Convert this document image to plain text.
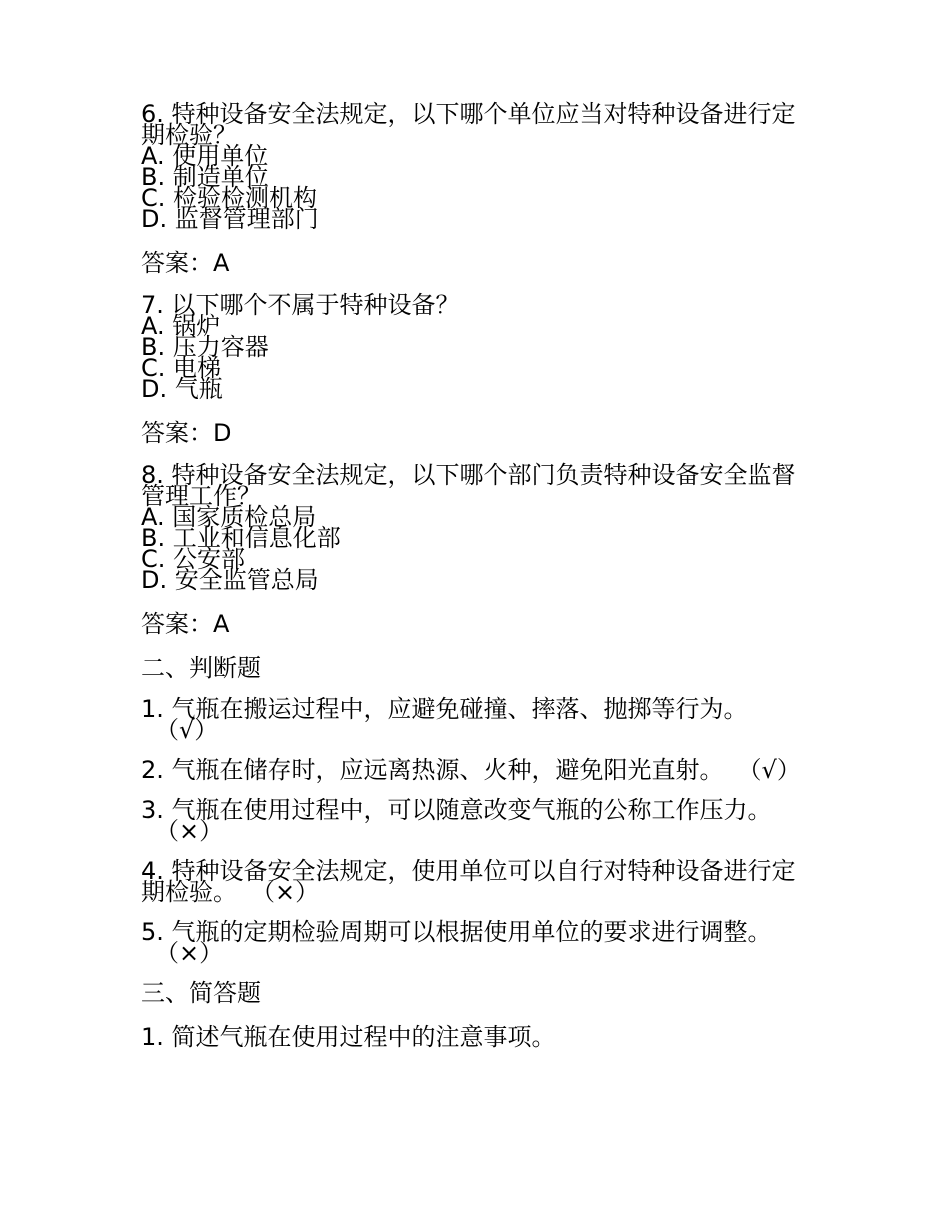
6. 特种设备安全法规定，以下哪个单位应当对特种设备进行定期检验？

A. 使用单位

B. 制造单位

C. 检验检测机构

D. 监督管理部门

答案：A

7. 以下哪个不属于特种设备？

A. 锅炉

B. 压力容器

C. 电梯

D. 气瓶

答案：D

8. 特种设备安全法规定，以下哪个部门负责特种设备安全监督管理工作？

A. 国家质检总局

B. 工业和信息化部

C. 公安部

D. 安全监管总局

答案：A

二、判断题

1. 气瓶在搬运过程中，应避免碰撞、摔落、抛掷等行为。
（√）

2. 气瓶在储存时，应远离热源、火种，避免阳光直射。 （√）

3. 气瓶在使用过程中，可以随意改变气瓶的公称工作压力。
（×）

4. 特种设备安全法规定，使用单位可以自行对特种设备进行定期检验。 （×）

5. 气瓶的定期检验周期可以根据使用单位的要求进行调整。
（×）

三、简答题

1. 简述气瓶在使用过程中的注意事项。
